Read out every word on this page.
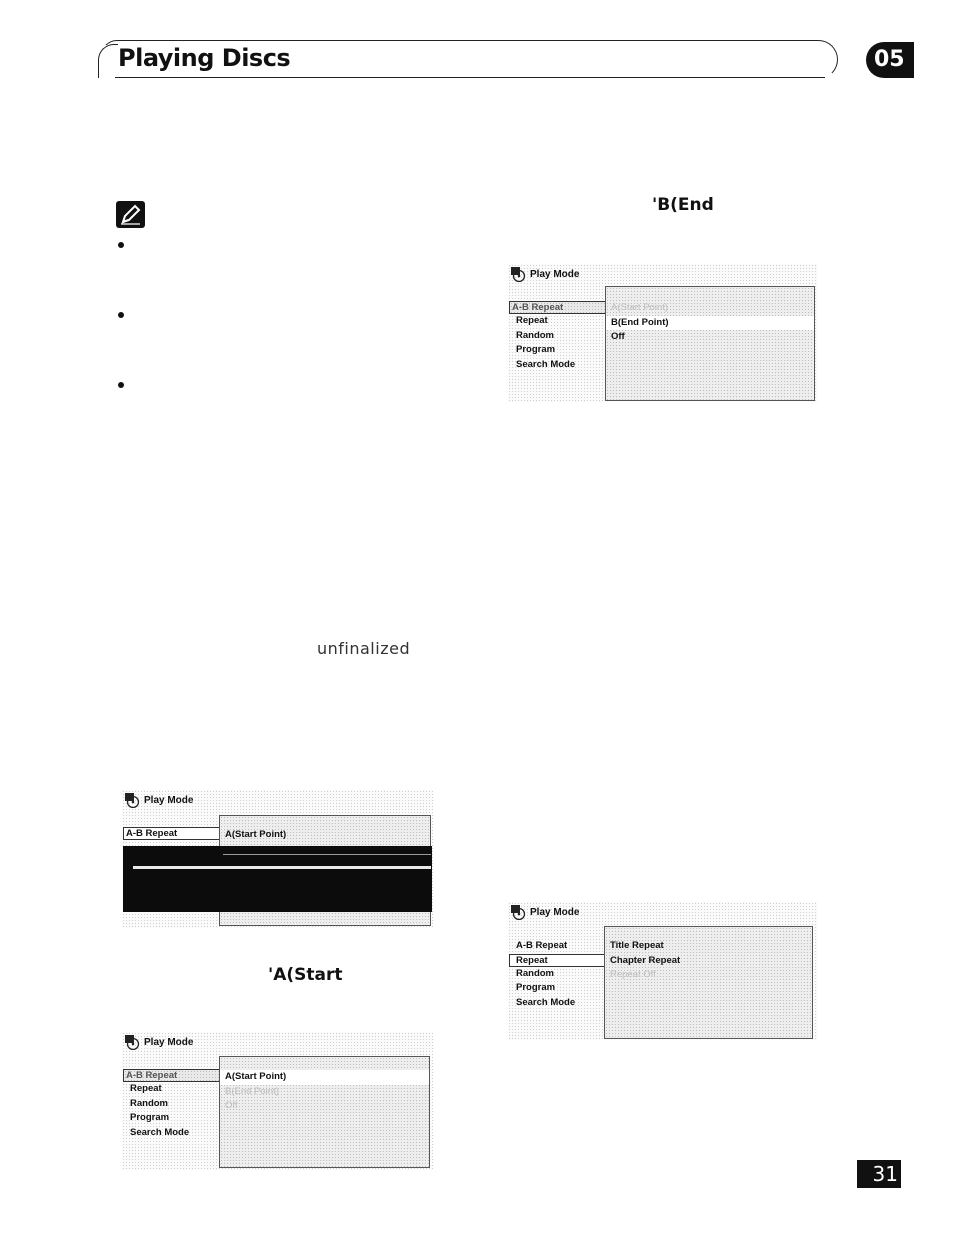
Playing Discs	05
'B(End
unfinalized
'A(Start
Play Mode
A-B Repeat
Repeat
Random
Program
Search Mode
A(Start Point)
B(End Point)
Off
Play Mode
A-B Repeat	A(Start Point)
Play Mode
A-B Repeat
Repeat
Random
Program
Search Mode
A(Start Point)
B(End Point)
Off
Play Mode
A-B Repeat
Repeat
Random
Program
Search Mode
Title Repeat
Chapter Repeat
Repeat Off
31
